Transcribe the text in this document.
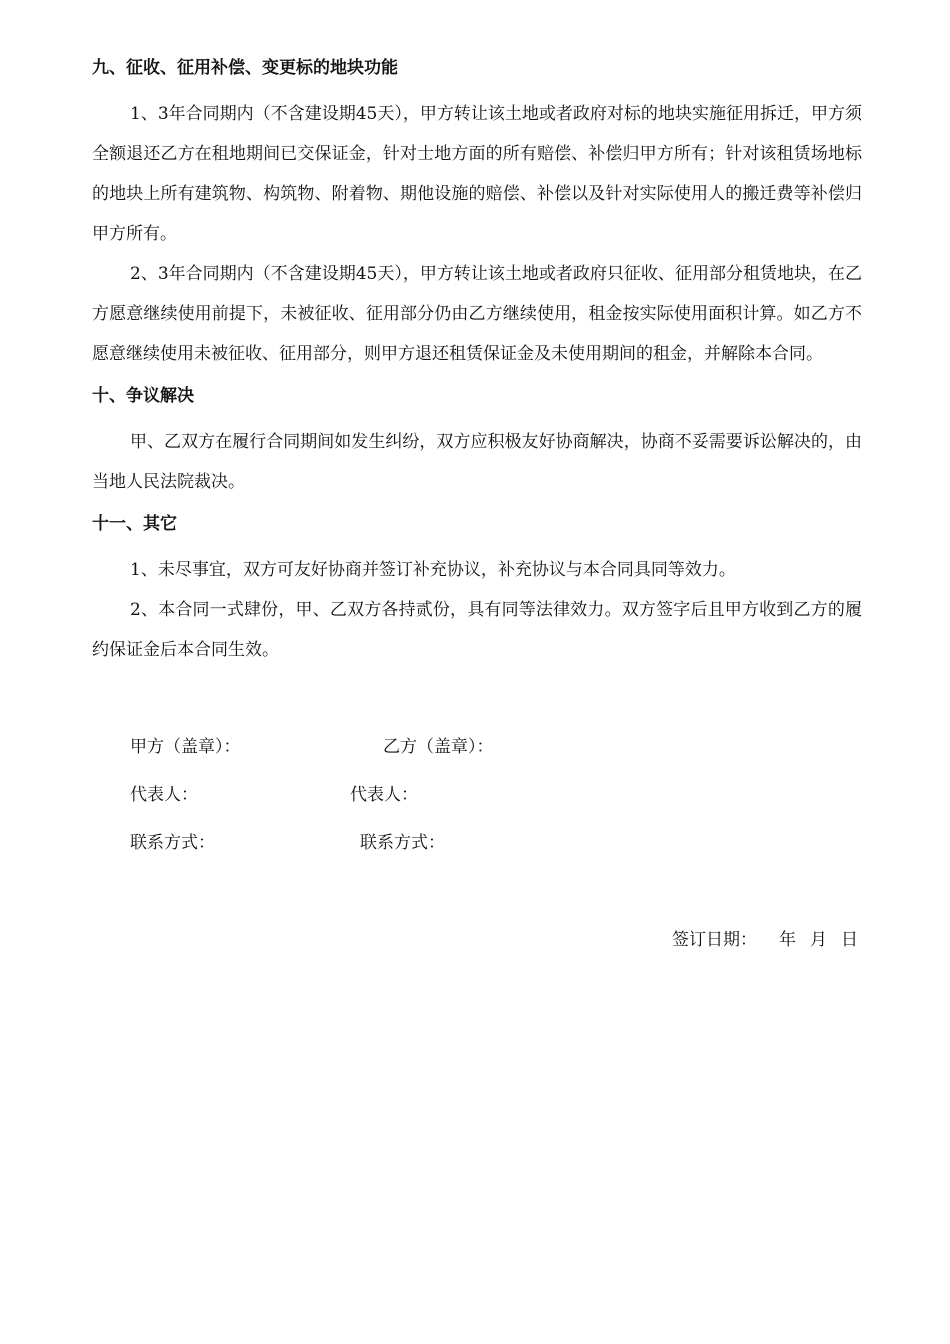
九、征收、征用补偿、变更标的地块功能

1、3年合同期内（不含建设期45天），甲方转让该土地或者政府对标的地块实施征用拆迁，甲方须全额退还乙方在租地期间已交保证金，针对士地方面的所有赔偿、补偿归甲方所有；针对该租赁场地标的地块上所有建筑物、构筑物、附着物、期他设施的赔偿、补偿以及针对实际使用人的搬迁费等补偿归甲方所有。

2、3年合同期内（不含建设期45天），甲方转让该土地或者政府只征收、征用部分租赁地块，在乙方愿意继续使用前提下，未被征收、征用部分仍由乙方继续使用，租金按实际使用面积计算。如乙方不愿意继续使用未被征收、征用部分，则甲方退还租赁保证金及未使用期间的租金，并解除本合同。

十、争议解决

甲、乙双方在履行合同期间如发生纠纷，双方应积极友好协商解决，协商不妥需要诉讼解决的，由当地人民法院裁决。

十一、其它

1、未尽事宜，双方可友好协商并签订补充协议，补充协议与本合同具同等效力。

2、本合同一式肆份，甲、乙双方各持贰份，具有同等法律效力。双方签字后且甲方收到乙方的履约保证金后本合同生效。

甲方（盖章）：	乙方（盖章）：
代表人：	代表人：
联系方式：	联系方式：
签订日期： 年 月 日
